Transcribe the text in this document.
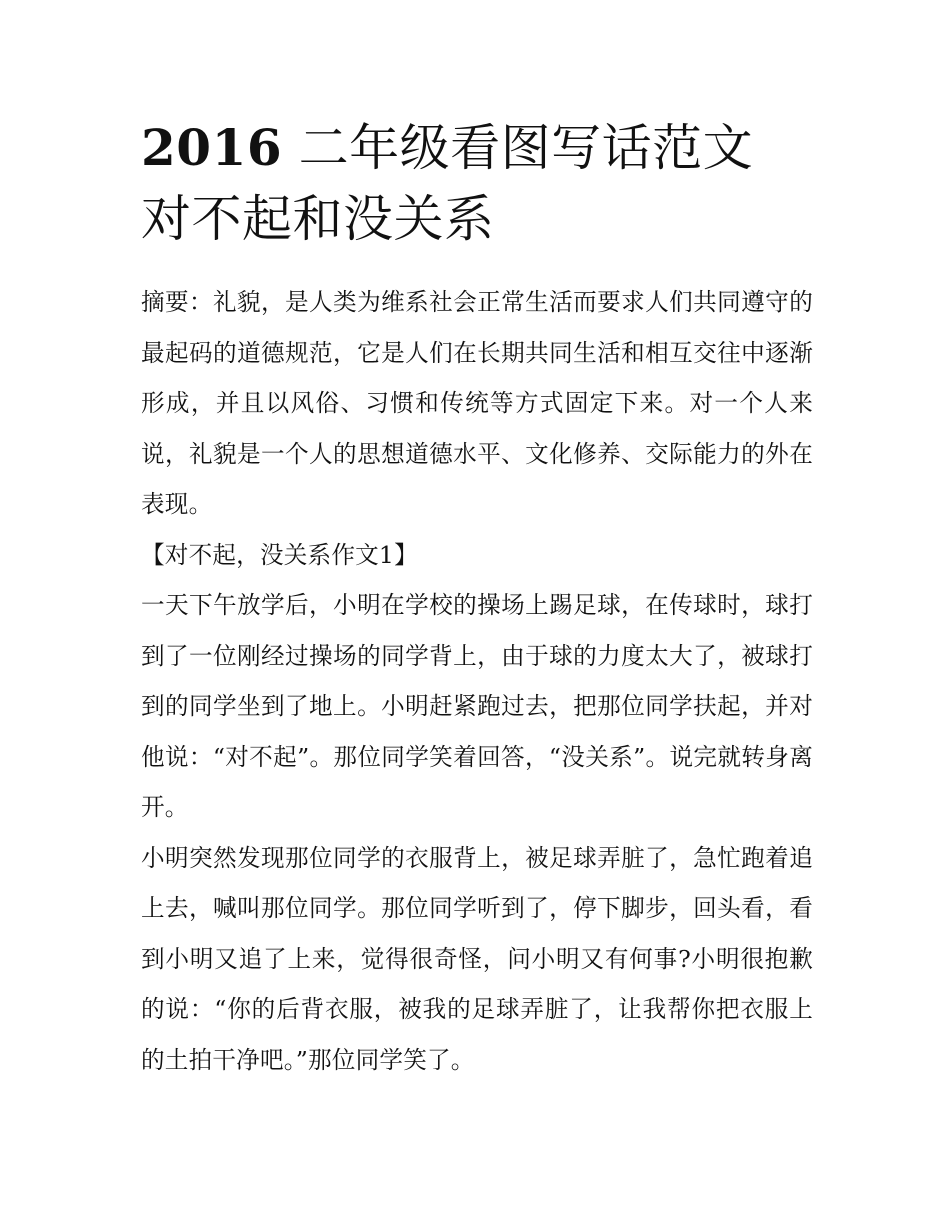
2016 二年级看图写话范文 对不起和没关系

摘要：礼貌，是人类为维系社会正常生活而要求人们共同遵守的最起码的道德规范，它是人们在长期共同生活和相互交往中逐渐形成，并且以风俗、习惯和传统等方式固定下来。对一个人来说，礼貌是一个人的思想道德水平、文化修养、交际能力的外在表现。

【对不起，没关系作文1】

一天下午放学后，小明在学校的操场上踢足球，在传球时，球打到了一位刚经过操场的同学背上，由于球的力度太大了，被球打到的同学坐到了地上。小明赶紧跑过去，把那位同学扶起，并对他说：“对不起”。那位同学笑着回答，“没关系”。说完就转身离开。

小明突然发现那位同学的衣服背上，被足球弄脏了，急忙跑着追上去，喊叫那位同学。那位同学听到了，停下脚步，回头看，看到小明又追了上来，觉得很奇怪，问小明又有何事?小明很抱歉的说：“你的后背衣服，被我的足球弄脏了，让我帮你把衣服上的土拍干净吧。”那位同学笑了。
